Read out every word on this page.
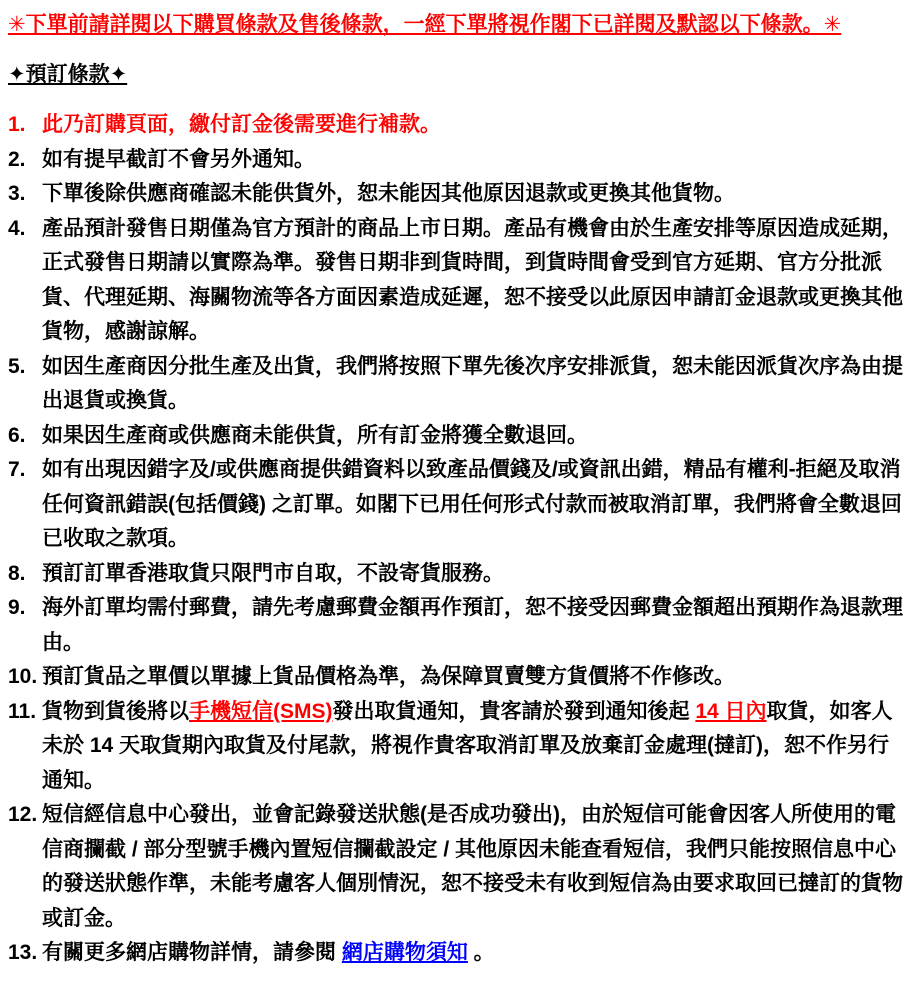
✳下單前請詳閱以下購買條款及售後條款，一經下單將視作閣下已詳閱及默認以下條款。✳
✦預訂條款✦
1. 此乃訂購頁面，繳付訂金後需要進行補款。
2. 如有提早截訂不會另外通知。
3. 下單後除供應商確認未能供貨外，恕未能因其他原因退款或更換其他貨物。
4. 產品預計發售日期僅為官方預計的商品上市日期。產品有機會由於生產安排等原因造成延期，正式發售日期請以實際為準。發售日期非到貨時間，到貨時間會受到官方延期、官方分批派貨、代理延期、海關物流等各方面因素造成延遲，恕不接受以此原因申請訂金退款或更換其他貨物，感謝諒解。
5. 如因生產商因分批生產及出貨，我們將按照下單先後次序安排派貨，恕未能因派貨次序為由提出退貨或換貨。
6. 如果因生產商或供應商未能供貨，所有訂金將獲全數退回。
7. 如有出現因錯字及/或供應商提供錯資料以致產品價錢及/或資訊出錯，精品有權利-拒絕及取消任何資訊錯誤(包括價錢) 之訂單。如閣下已用任何形式付款而被取消訂單，我們將會全數退回已收取之款項。
8. 預訂訂單香港取貨只限門市自取，不設寄貨服務。
9. 海外訂單均需付郵費，請先考慮郵費金額再作預訂，恕不接受因郵費金額超出預期作為退款理由。
10. 預訂貨品之單價以單據上貨品價格為準，為保障買賣雙方貨價將不作修改。
11. 貨物到貨後將以手機短信(SMS)發出取貨通知，貴客請於發到通知後起 14 日內取貨，如客人未於 14 天取貨期內取貨及付尾款，將視作貴客取消訂單及放棄訂金處理(撻訂)，恕不作另行通知。
12. 短信經信息中心發出，並會記錄發送狀態(是否成功發出)，由於短信可能會因客人所使用的電信商攔截 / 部分型號手機內置短信攔截設定 / 其他原因未能查看短信，我們只能按照信息中心的發送狀態作準，未能考慮客人個別情況，恕不接受未有收到短信為由要求取回已撻訂的貨物或訂金。
13. 有關更多網店購物詳情，請參閱 網店購物須知 。
